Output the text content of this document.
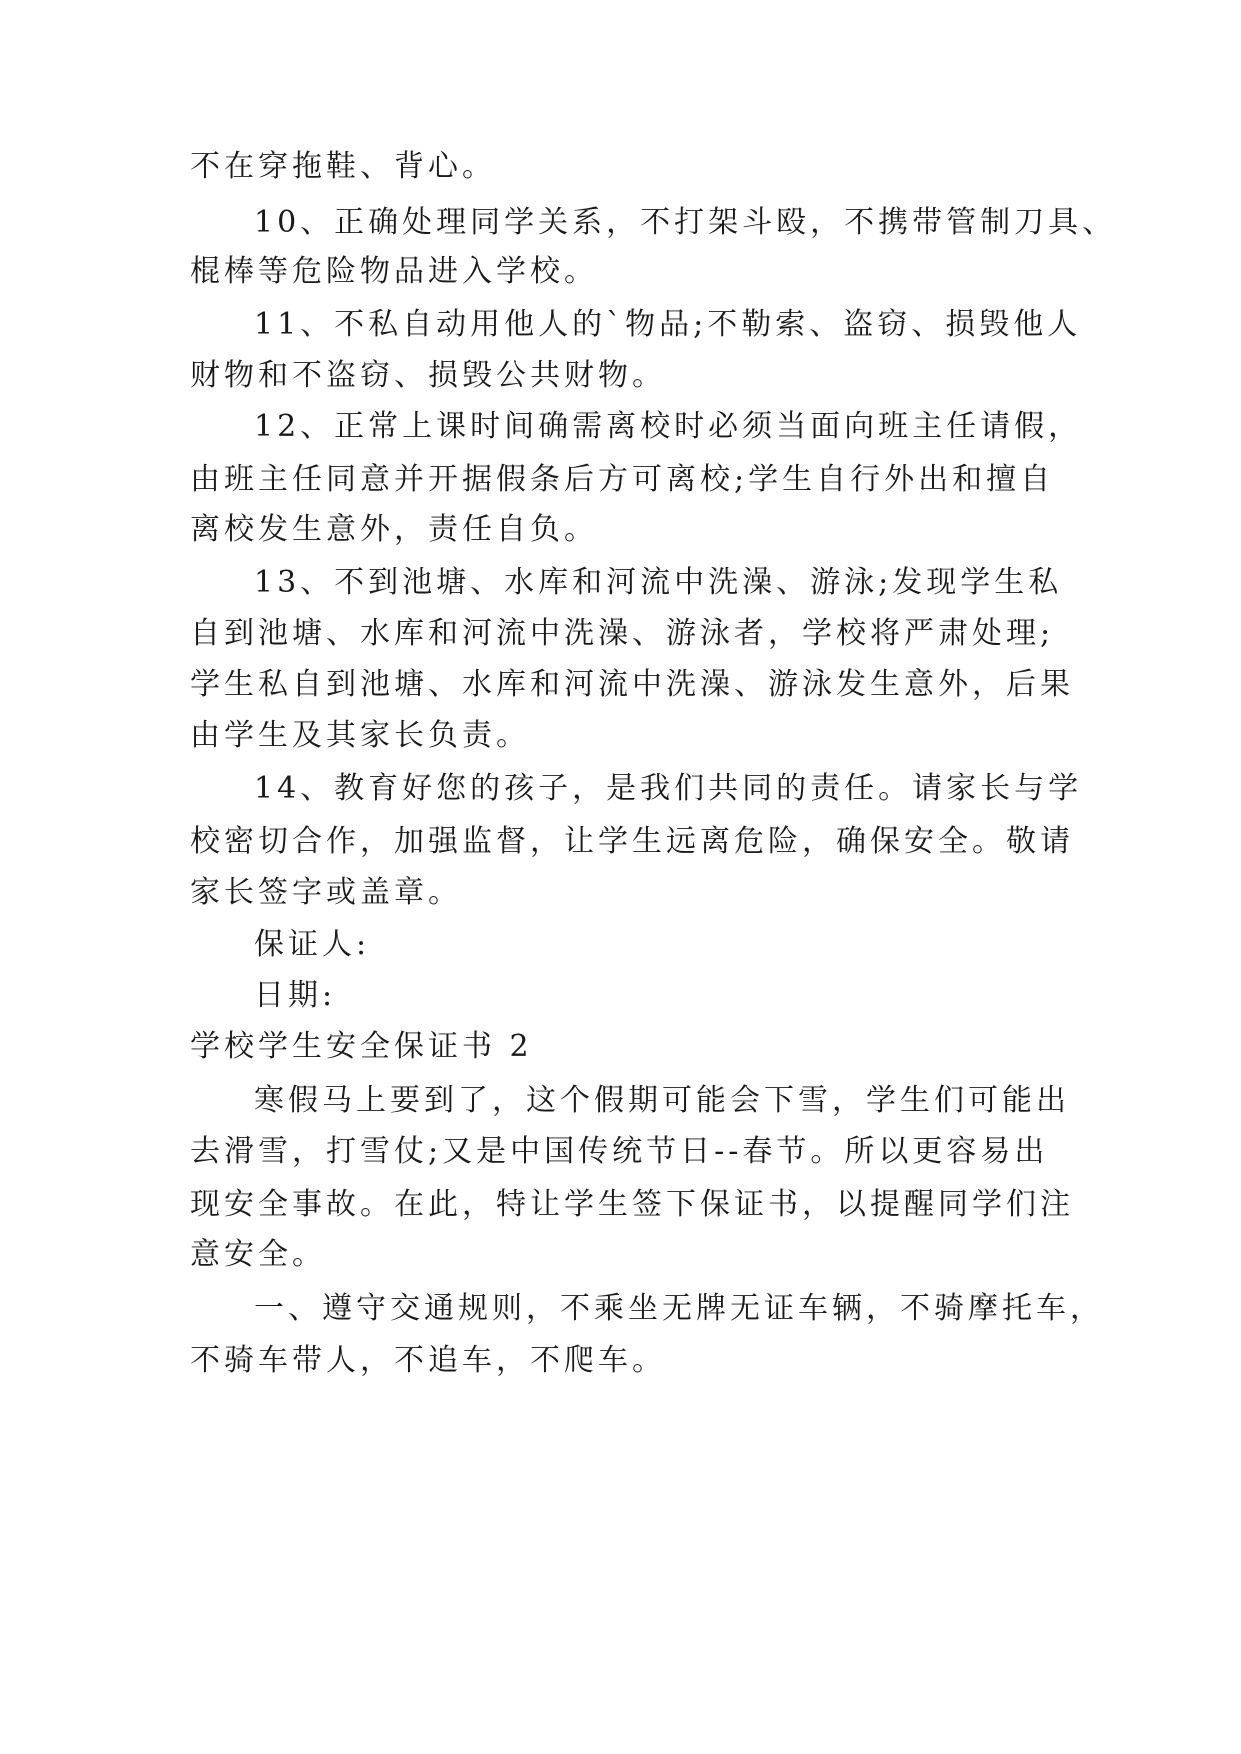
不在穿拖鞋、背心。
10、正确处理同学关系，不打架斗殴，不携带管制刀具、
棍棒等危险物品进入学校。
11、不私自动用他人的`物品;不勒索、盗窃、损毁他人
财物和不盗窃、损毁公共财物。
12、正常上课时间确需离校时必须当面向班主任请假，
由班主任同意并开据假条后方可离校;学生自行外出和擅自
离校发生意外，责任自负。
13、不到池塘、水库和河流中洗澡、游泳;发现学生私
自到池塘、水库和河流中洗澡、游泳者，学校将严肃处理;
学生私自到池塘、水库和河流中洗澡、游泳发生意外，后果
由学生及其家长负责。
14、教育好您的孩子，是我们共同的责任。请家长与学
校密切合作，加强监督，让学生远离危险，确保安全。敬请
家长签字或盖章。
保证人:
日期:
学校学生安全保证书 2
寒假马上要到了，这个假期可能会下雪，学生们可能出
去滑雪，打雪仗;又是中国传统节日--春节。所以更容易出
现安全事故。在此，特让学生签下保证书，以提醒同学们注
意安全。
一、遵守交通规则，不乘坐无牌无证车辆，不骑摩托车，
不骑车带人，不追车，不爬车。
